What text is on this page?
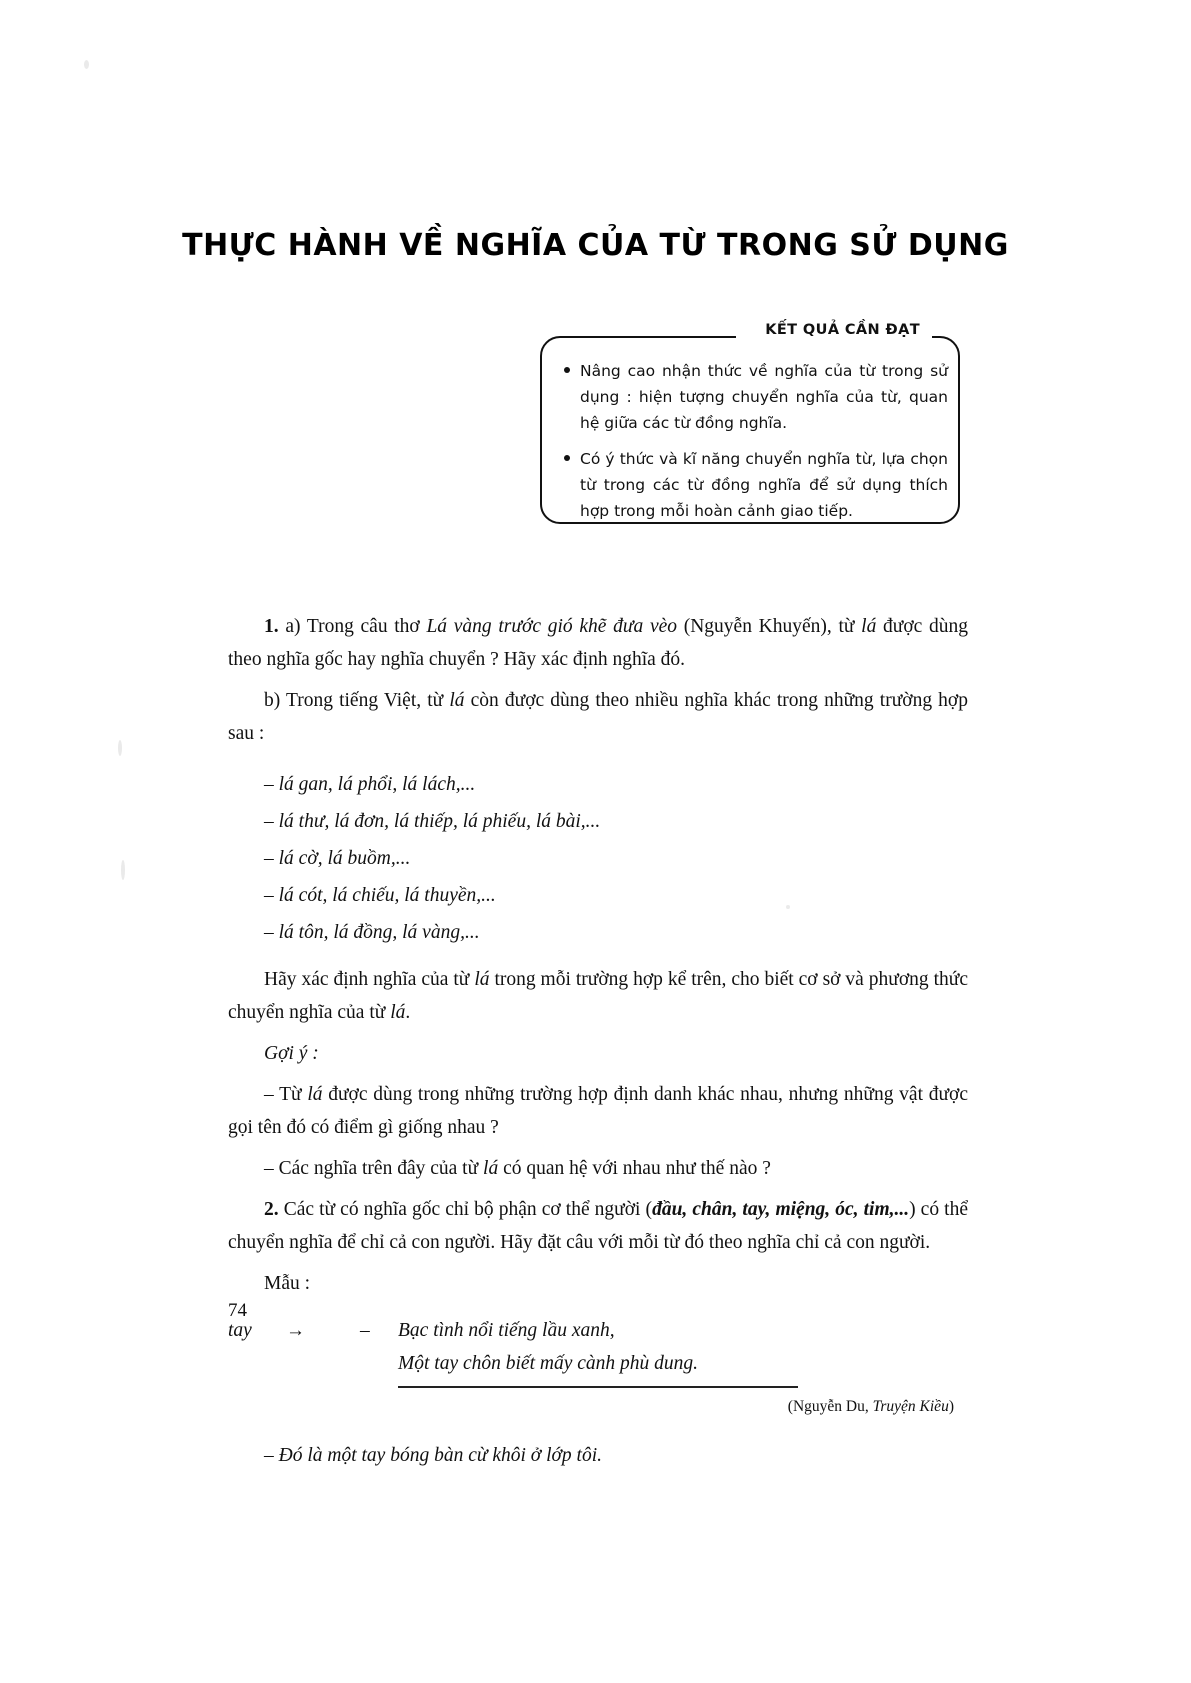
THỰC HÀNH VỀ NGHĨA CỦA TỪ TRONG SỬ DỤNG
KẾT QUẢ CẦN ĐẠT
Nâng cao nhận thức về nghĩa của từ trong sử dụng : hiện tượng chuyển nghĩa của từ, quan hệ giữa các từ đồng nghĩa.
Có ý thức và kĩ năng chuyển nghĩa từ, lựa chọn từ trong các từ đồng nghĩa để sử dụng thích hợp trong mỗi hoàn cảnh giao tiếp.

1. a) Trong câu thơ Lá vàng trước gió khẽ đưa vèo (Nguyễn Khuyến), từ lá được dùng theo nghĩa gốc hay nghĩa chuyển ? Hãy xác định nghĩa đó.

b) Trong tiếng Việt, từ lá còn được dùng theo nhiều nghĩa khác trong những trường hợp sau :

– lá gan, lá phổi, lá lách,...

– lá thư, lá đơn, lá thiếp, lá phiếu, lá bài,...

– lá cờ, lá buồm,...

– lá cót, lá chiếu, lá thuyền,...

– lá tôn, lá đồng, lá vàng,...

Hãy xác định nghĩa của từ lá trong mỗi trường hợp kể trên, cho biết cơ sở và phương thức chuyển nghĩa của từ lá.

Gợi ý :

– Từ lá được dùng trong những trường hợp định danh khác nhau, nhưng những vật được gọi tên đó có điểm gì giống nhau ?

– Các nghĩa trên đây của từ lá có quan hệ với nhau như thế nào ?

2. Các từ có nghĩa gốc chỉ bộ phận cơ thể người (đầu, chân, tay, miệng, óc, tim,...) có thể chuyển nghĩa để chỉ cả con người. Hãy đặt câu với mỗi từ đó theo nghĩa chỉ cả con người.

Mẫu :

tay	→	–	Bạc tình nổi tiếng lầu xanh,
Một tay chôn biết mấy cành phù dung.
(Nguyễn Du, Truyện Kiều)
– Đó là một tay bóng bàn cừ khôi ở lớp tôi.
74
